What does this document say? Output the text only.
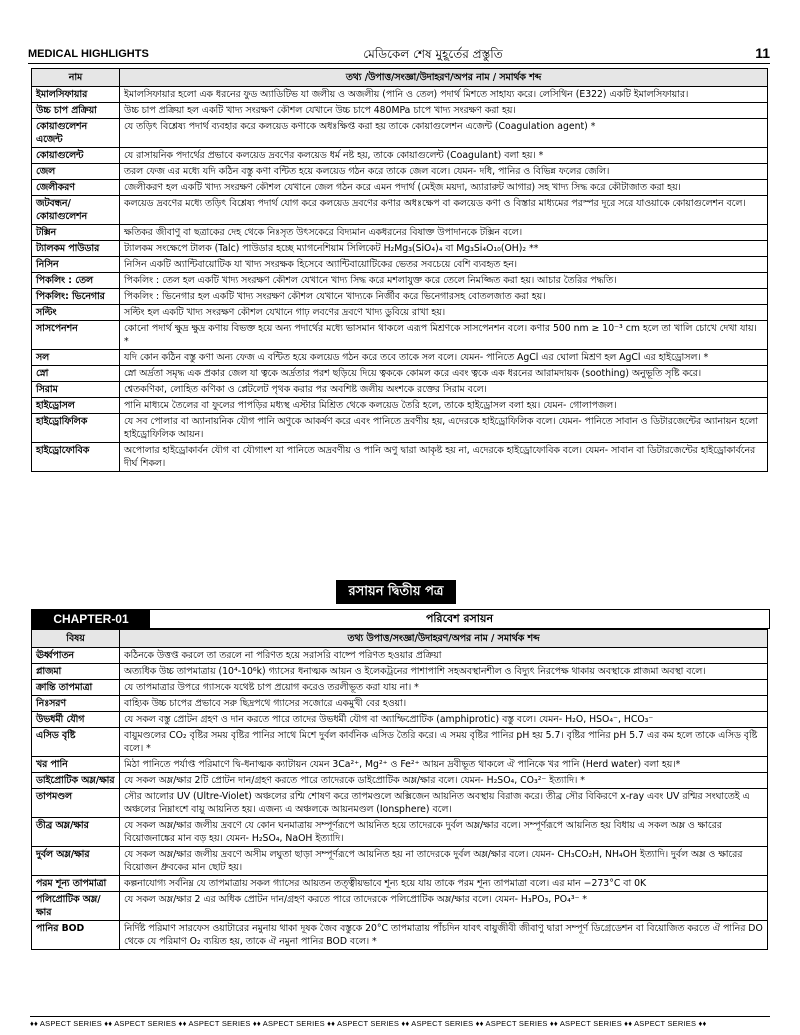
MEDICAL HIGHLIGHTS	মেডিকেল শেষ মুহূর্তের প্রস্তুতি	11
নাম	তথ্য /উপাত্ত/সংজ্ঞা/উদাহরণ/অপর নাম / সমার্থক শব্দ
ইমালসিফায়ার	ইমালসিফায়ার হলো এক ধরনের ফুড অ্যাডিটিভ যা জলীয় ও অজলীয় (পানি ও তেল) পদার্থ মিশতে সাহায্য করে। লেসিথিন (E322) একটি ইমালসিফায়ার।
উচ্চ চাপ প্রক্রিয়া	উচ্চ চাপ প্রক্রিয়া হল একটি খাদ্য সংরক্ষণ কৌশল যেখানে উচ্চ চাপে 480MPa চাপে খাদ্য সংরক্ষণ করা হয়।
কোয়াগুলেশন এজেন্ট	যে তড়িৎ বিশ্লেষ্য পদার্থ ব্যবহার করে কলয়েড কণাকে অধঃক্ষিপ্ত করা হয় তাকে কোয়াগুলেশন এজেন্ট (Coagulation agent) *
কোয়াগুলেন্ট	যে রাসায়নিক পদার্থের প্রভাবে কলয়েড দ্রবণের কলয়েড ধর্ম নষ্ট হয়, তাকে কোয়াগুলেন্ট (Coagulant) বলা হয়। *
জেল	তরল ফেজ এর মধ্যে যদি কঠিন বস্তু কণা বন্টিত হয়ে কলয়েড গঠন করে তাকে জেল বলে। যেমন- দধি, পানির ও বিভিন্ন ফলের জেলি।
জেলীকরণ	জেলীকরণ হল একটি খাদ্য সংরক্ষণ কৌশল যেখানে জেল গঠন করে এমন পদার্থ (মেইজ ময়দা, অ্যারারুট আগার) সহ খাদ্য সিদ্ধ করে কৌটাজাত করা হয়।
জটবন্ধন/ কোয়াগুলেশন	কলয়েড দ্রবণের মধ্যে তড়িৎ বিশ্লেষ্য পদার্থ যোগ করে কলয়েড দ্রবণের কণার অধঃক্ষেপ বা কলয়েড কণা ও বিস্তার মাধ্যমের পরস্পর দূরে সরে যাওয়াকে কোয়াগুলেশন বলে।
টক্সিন	ক্ষতিকর জীবাণু বা ছত্রাকের দেহ থেকে নিঃসৃত উৎসকেরে বিদ্যমান একধরনের বিষাক্ত উপাদানকে টক্সিন বলে।
ট্যালকম পাউডার	ট্যালকম সংক্ষেপে টালক (Talc) পাউডার হচ্ছে ম্যাগনেশিয়াম সিলিকেট H₂Mg₃(SiO₄)₄ বা Mg₃Si₄O₁₀(OH)₂ **
নিসিন	নিসিন একটি অ্যান্টিবায়োটিক যা খাদ্য সংরক্ষক হিসেবে অ্যান্টিবায়োটিকের ভেতর সবচেয়ে বেশি ব্যবহৃত হন।
পিকলিং : তেল	পিকলিং : তেল হল একটি খাদ্য সংরক্ষণ কৌশল যেখানে খাদ্য সিদ্ধ করে মশলাযুক্ত করে তেলে নিমজ্জিত করা হয়। আচার তৈরির পদ্ধতি।
পিকলিং: ভিনেগার	পিকলিং : ভিনেগার হল একটি খাদ্য সংরক্ষণ কৌশল যেখানে খাদ্যকে নির্জীব করে ভিনেগারসহ বোতলজাত করা হয়।
সল্টিং	সল্টিং হল একটি খাদ্য সংরক্ষণ কৌশল যেখানে গাঢ় লবণের দ্রবণে খাদ্য ডুবিয়ে রাখা হয়।
সাসপেনশন	কোনো পদার্থ ক্ষুদ্র ক্ষুদ্র কণায় বিভক্ত হয়ে অন্য পদার্থের মধ্যে ভাসমান থাকলে এরূপ মিশ্রণকে সাসপেনশন বলে। কণার 500 nm ≥ 10⁻³ cm হলে তা খালি চোখে দেখা যায়। *
সল	যদি কোন কঠিন বস্তু কণা অন্য ফেজ এ বন্টিত হয়ে কলয়েড গঠন করে তবে তাকে সল বলে। যেমন- পানিতে AgCl এর ঘোলা মিশ্রণ হল AgCl এর হাইড্রোসল। *
স্নো	স্নো অর্দ্রতা সমৃদ্ধ এক প্রকার জেল যা ত্বকে অর্দ্রতার পরশ ছড়িয়ে দিয়ে ত্বককে কোমল করে এবং ত্বকে এক ধরনের আরামদায়ক (soothing) অনুভূতি সৃষ্টি করে।
সিরাম	শ্বেতকণিকা, লোহিত কণিকা ও প্লেটলেট পৃথক করার পর অবশিষ্ট জলীয় অংশকে রক্তের সিরাম বলে।
হাইড্রোসল	পানি মাধ্যমে তৈলের বা ফুলের পাপড়ির মধ্যস্থ এস্টার মিশ্রিত থেকে কলয়েড তৈরি হলে, তাকে হাইড্রোসল বলা হয়। যেমন- গোলাপজল।
হাইড্রোফিলিক	যে সব পোলার বা অ্যানায়নিক যৌগ পানি অণুকে আকর্ষণ করে এবং পানিতে দ্রবণীয় হয়, এদেরকে হাইড্রোফিলিক বলে। যেমন- পানিতে সাবান ও ডিটারজেন্টের অ্যানায়ন হলো হাইড্রোফিলিক আয়ন।
হাইড্রোফোবিক	অপোলার হাইড্রোকার্বন যৌগ বা যৌগাংশ যা পানিতে অদ্রবণীয় ও পানি অণু দ্বারা আকৃষ্ট হয় না, এদেরকে হাইড্রোফোবিক বলে। যেমন- সাবান বা ডিটারজেন্টের হাইড্রোকার্বনের দীর্ঘ শিকল।
রসায়ন দ্বিতীয় পত্র
CHAPTER-01	পরিবেশ রসায়ন
বিষয়	তথ্য উপাত্ত/সংজ্ঞা/উদাহরণ/অপর নাম / সমার্থক শব্দ
ঊর্ধ্বপাতন	কঠিনকে উত্তপ্ত করলে তা তরলে না পরিণত হয়ে সরাসরি বাষ্পে পরিণত হওয়ার প্রক্রিয়া
প্লাজমা	অত্যধিক উচ্চ তাপমাত্রায় (10⁴-10⁶k) গ্যাসের ধনাত্মক আয়ন ও ইলেকট্রনের পাশাপাশি সহঅবস্থানশীল ও বিদ্যুৎ নিরপেক্ষ থাকায় অবস্থাকে প্লাজমা অবস্থা বলে।
ক্রান্তি তাপমাত্রা	যে তাপমাত্রার উপরে গ্যাসকে যথেষ্ট চাপ প্রয়োগ করেও তরলীভূত করা যায় না। *
নিঃসরণ	বাহ্যিক উচ্চ চাপের প্রভাবে সরু ছিদ্রপথে গ্যাসের সজোরে একমুখী বের হওয়া।
উভধর্মী যৌগ	যে সকল বস্তু প্রোটন গ্রহণ ও দান করতে পারে তাদের উভধর্মী যৌগ বা অ্যাম্ফিপ্রোটিক (amphiprotic) বস্তু বলে। যেমন- H₂O, HSO₄⁻, HCO₃⁻
এসিড বৃষ্টি	বায়ুমণ্ডলের CO₂ বৃষ্টির সময় বৃষ্টির পানির সাথে মিশে দুর্বল কার্বনিক এসিড তৈরি করে। এ সময় বৃষ্টির পানির pH হয় 5.7। বৃষ্টির পানির pH 5.7 এর কম হলে তাকে এসিড বৃষ্টি বলে। *
খর পানি	মিঠা পানিতে পর্যাপ্ত পরিমাণে দ্বি-ধনাত্মক ক্যাটায়ন যেমন 3Ca²⁺, Mg²⁺ ও Fe²⁺ আয়ন দ্রবীভূত থাকলে ঐ পানিকে খর পানি (Herd water) বলা হয়।*
ডাইপ্রোটিক অম্ল/ক্ষার	যে সকল অম্ল/ক্ষার 2টি প্রোটন দান/গ্রহণ করতে পারে তাদেরকে ডাইপ্রোটিক অম্ল/ক্ষার বলে। যেমন- H₂SO₄, CO₃²⁻ ইত্যাদি। *
তাপমণ্ডল	সৌর আলোর UV (Ultre-Violet) অঞ্চলের রশ্মি শোষণ করে তাপমণ্ডলে অক্সিজেন আয়নিত অবস্থায় বিরাজ করে। তীব্র সৌর বিকিরণে x-ray এবং UV রশ্মির সংঘাতেই এ অঞ্চলের নিম্নাংশে বায়ু আয়নিত হয়। এজন্য এ অঞ্চলকে আয়নমণ্ডল (Ionsphere) বলে।
তীব্র অম্ল/ক্ষার	যে সকল অম্ল/ক্ষার জলীয় দ্রবণে যে কোন ঘনমাত্রায় সম্পূর্ণরূপে আয়নিত হয়ে তাদেরকে দুর্বল অম্ল/ক্ষার বলে। সম্পূর্ণরূপে আয়নিত হয় বিধায় এ সকল অম্ল ও ক্ষারের বিয়োজনাঙ্কের মান বড় হয়। যেমন- H₂SO₄, NaOH ইত্যাদি।
দুর্বল অম্ল/ক্ষার	যে সকল অম্ল/ক্ষার জলীয় দ্রবণে অসীম লঘুতা ছাড়া সম্পূর্ণরূপে আয়নিত হয় না তাদেরকে দুর্বল অম্ল/ক্ষার বলে। যেমন- CH₃CO₂H, NH₄OH ইত্যাদি। দুর্বল অম্ল ও ক্ষারের বিয়োজন ধ্রুবকের মান ছোট হয়।
পরম শূন্য তাপমাত্রা	কল্পনাযোগ্য সর্বনিম্ন যে তাপমাত্রায় সকল গ্যাসের আয়তন তত্ত্বীয়ভাবে শূন্য হয়ে যায় তাকে পরম শূন্য তাপমাত্রা বলে। এর মান −273°C বা 0K
পলিপ্রোটিক অম্ল/ক্ষার	যে সকল অম্ল/ক্ষার 2 এর অধিক প্রোটন দান/গ্রহণ করতে পারে তাদেরকে পলিপ্রোটিক অম্ল/ক্ষার বলে। যেমন- H₃PO₃, PO₄³⁻ *
পানির BOD	নির্দিষ্ট পরিমাণ সারফেস ওয়াটারের নমুনায় থাকা দূষক জৈব বস্তুকে 20°C তাপমাত্রায় পাঁচদিন যাবৎ বায়ুজীবী জীবাণু দ্বারা সম্পূর্ণ ডিগ্রেডেশন বা বিয়োজিত করতে ঐ পানির DO থেকে যে পরিমাণ O₂ ব্যয়িত হয়, তাকে ঐ নমুনা পানির BOD বলে। *
♦♦ ASPECT SERIES ♦♦ ASPECT SERIES ♦♦ ASPECT SERIES ♦♦ ASPECT SERIES ♦♦ ASPECT SERIES ♦♦ ASPECT SERIES ♦♦ ASPECT SERIES ♦♦ ASPECT SERIES ♦♦ ASPECT SERIES ♦♦
